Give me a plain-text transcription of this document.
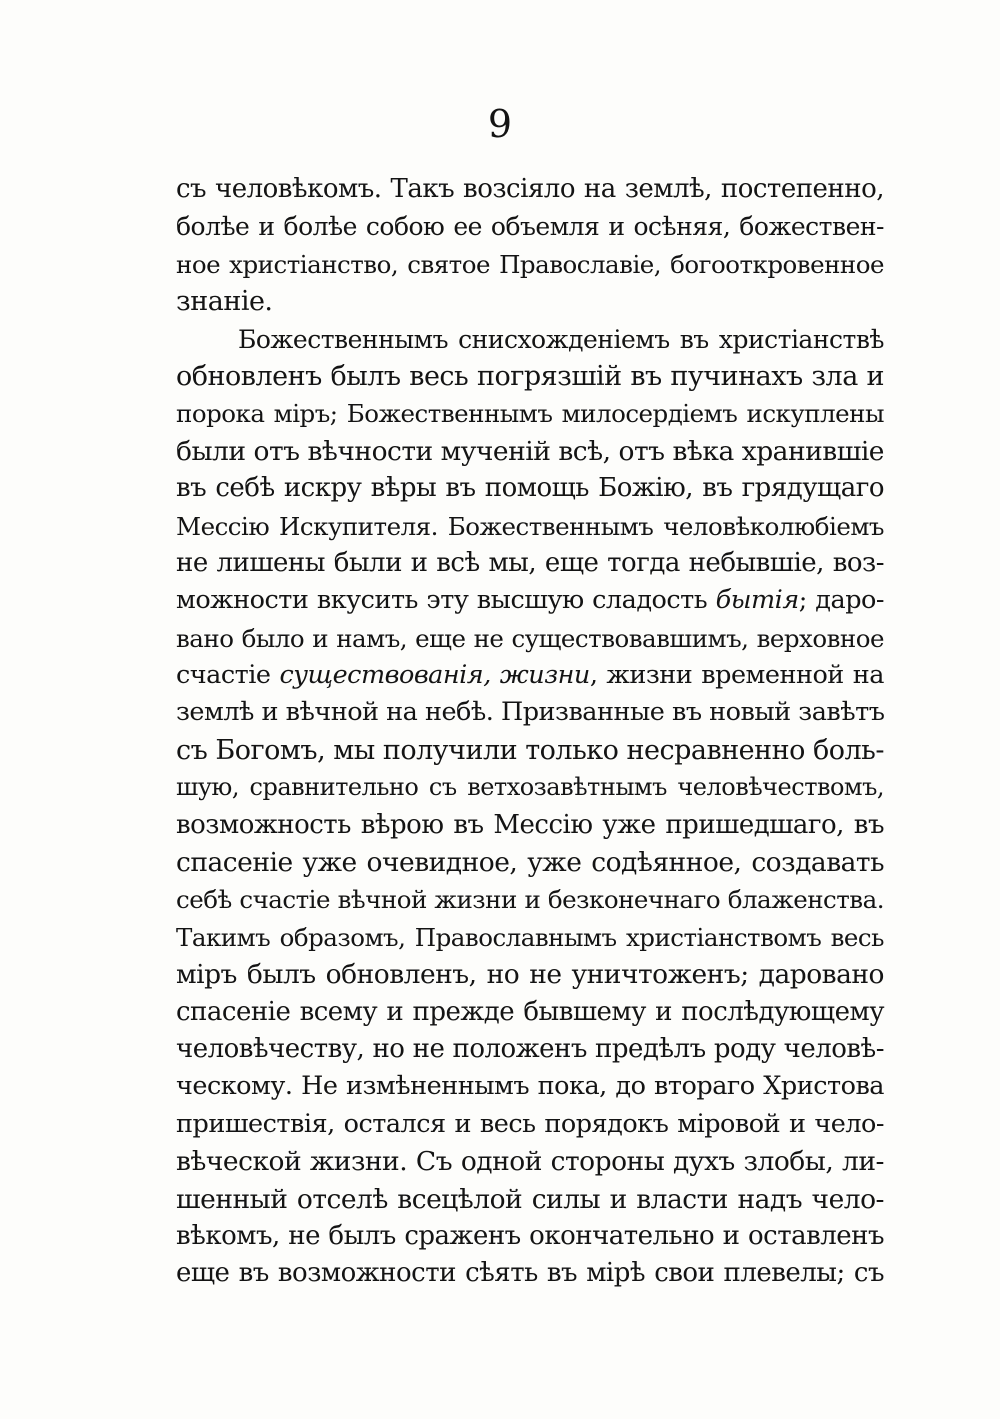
9
съ человѣкомъ. Такъ возсіяло на землѣ, постепенно,
болѣе и болѣе собою ее объемля и осѣняя, божествен-
ное христіанство, святое Православіе, богооткровенное
знаніе.
Божественнымъ снисхожденіемъ въ христіанствѣ
обновленъ былъ весь погрязшій въ пучинахъ зла и
порока міръ; Божественнымъ милосердіемъ искуплены
были отъ вѣчности мученій всѣ, отъ вѣка хранившіе
въ себѣ искру вѣры въ помощь Божію, въ грядущаго
Мессію Искупителя. Божественнымъ человѣколюбіемъ
не лишены были и всѣ мы, еще тогда небывшіе, воз-
можности вкусить эту высшую сладость бытія; даро-
вано было и намъ, еще не существовавшимъ, верховное
счастіе существованія, жизни, жизни временной на
землѣ и вѣчной на небѣ. Призванные въ новый завѣтъ
съ Богомъ, мы получили только несравненно боль-
шую, сравнительно съ ветхозавѣтнымъ человѣчествомъ,
возможность вѣрою въ Мессію уже пришедшаго, въ
спасеніе уже очевидное, уже содѣянное, создавать
себѣ счастіе вѣчной жизни и безконечнаго блаженства.
Такимъ образомъ, Православнымъ христіанствомъ весь
міръ былъ обновленъ, но не уничтоженъ; даровано
спасеніе всему и прежде бывшему и послѣдующему
человѣчеству, но не положенъ предѣлъ роду человѣ-
ческому. Не измѣненнымъ пока, до втораго Христова
пришествія, остался и весь порядокъ міровой и чело-
вѣческой жизни. Съ одной стороны духъ злобы, ли-
шенный отселѣ всецѣлой силы и власти надъ чело-
вѣкомъ, не былъ сраженъ окончательно и оставленъ
еще въ возможности сѣять въ мірѣ свои плевелы; съ
